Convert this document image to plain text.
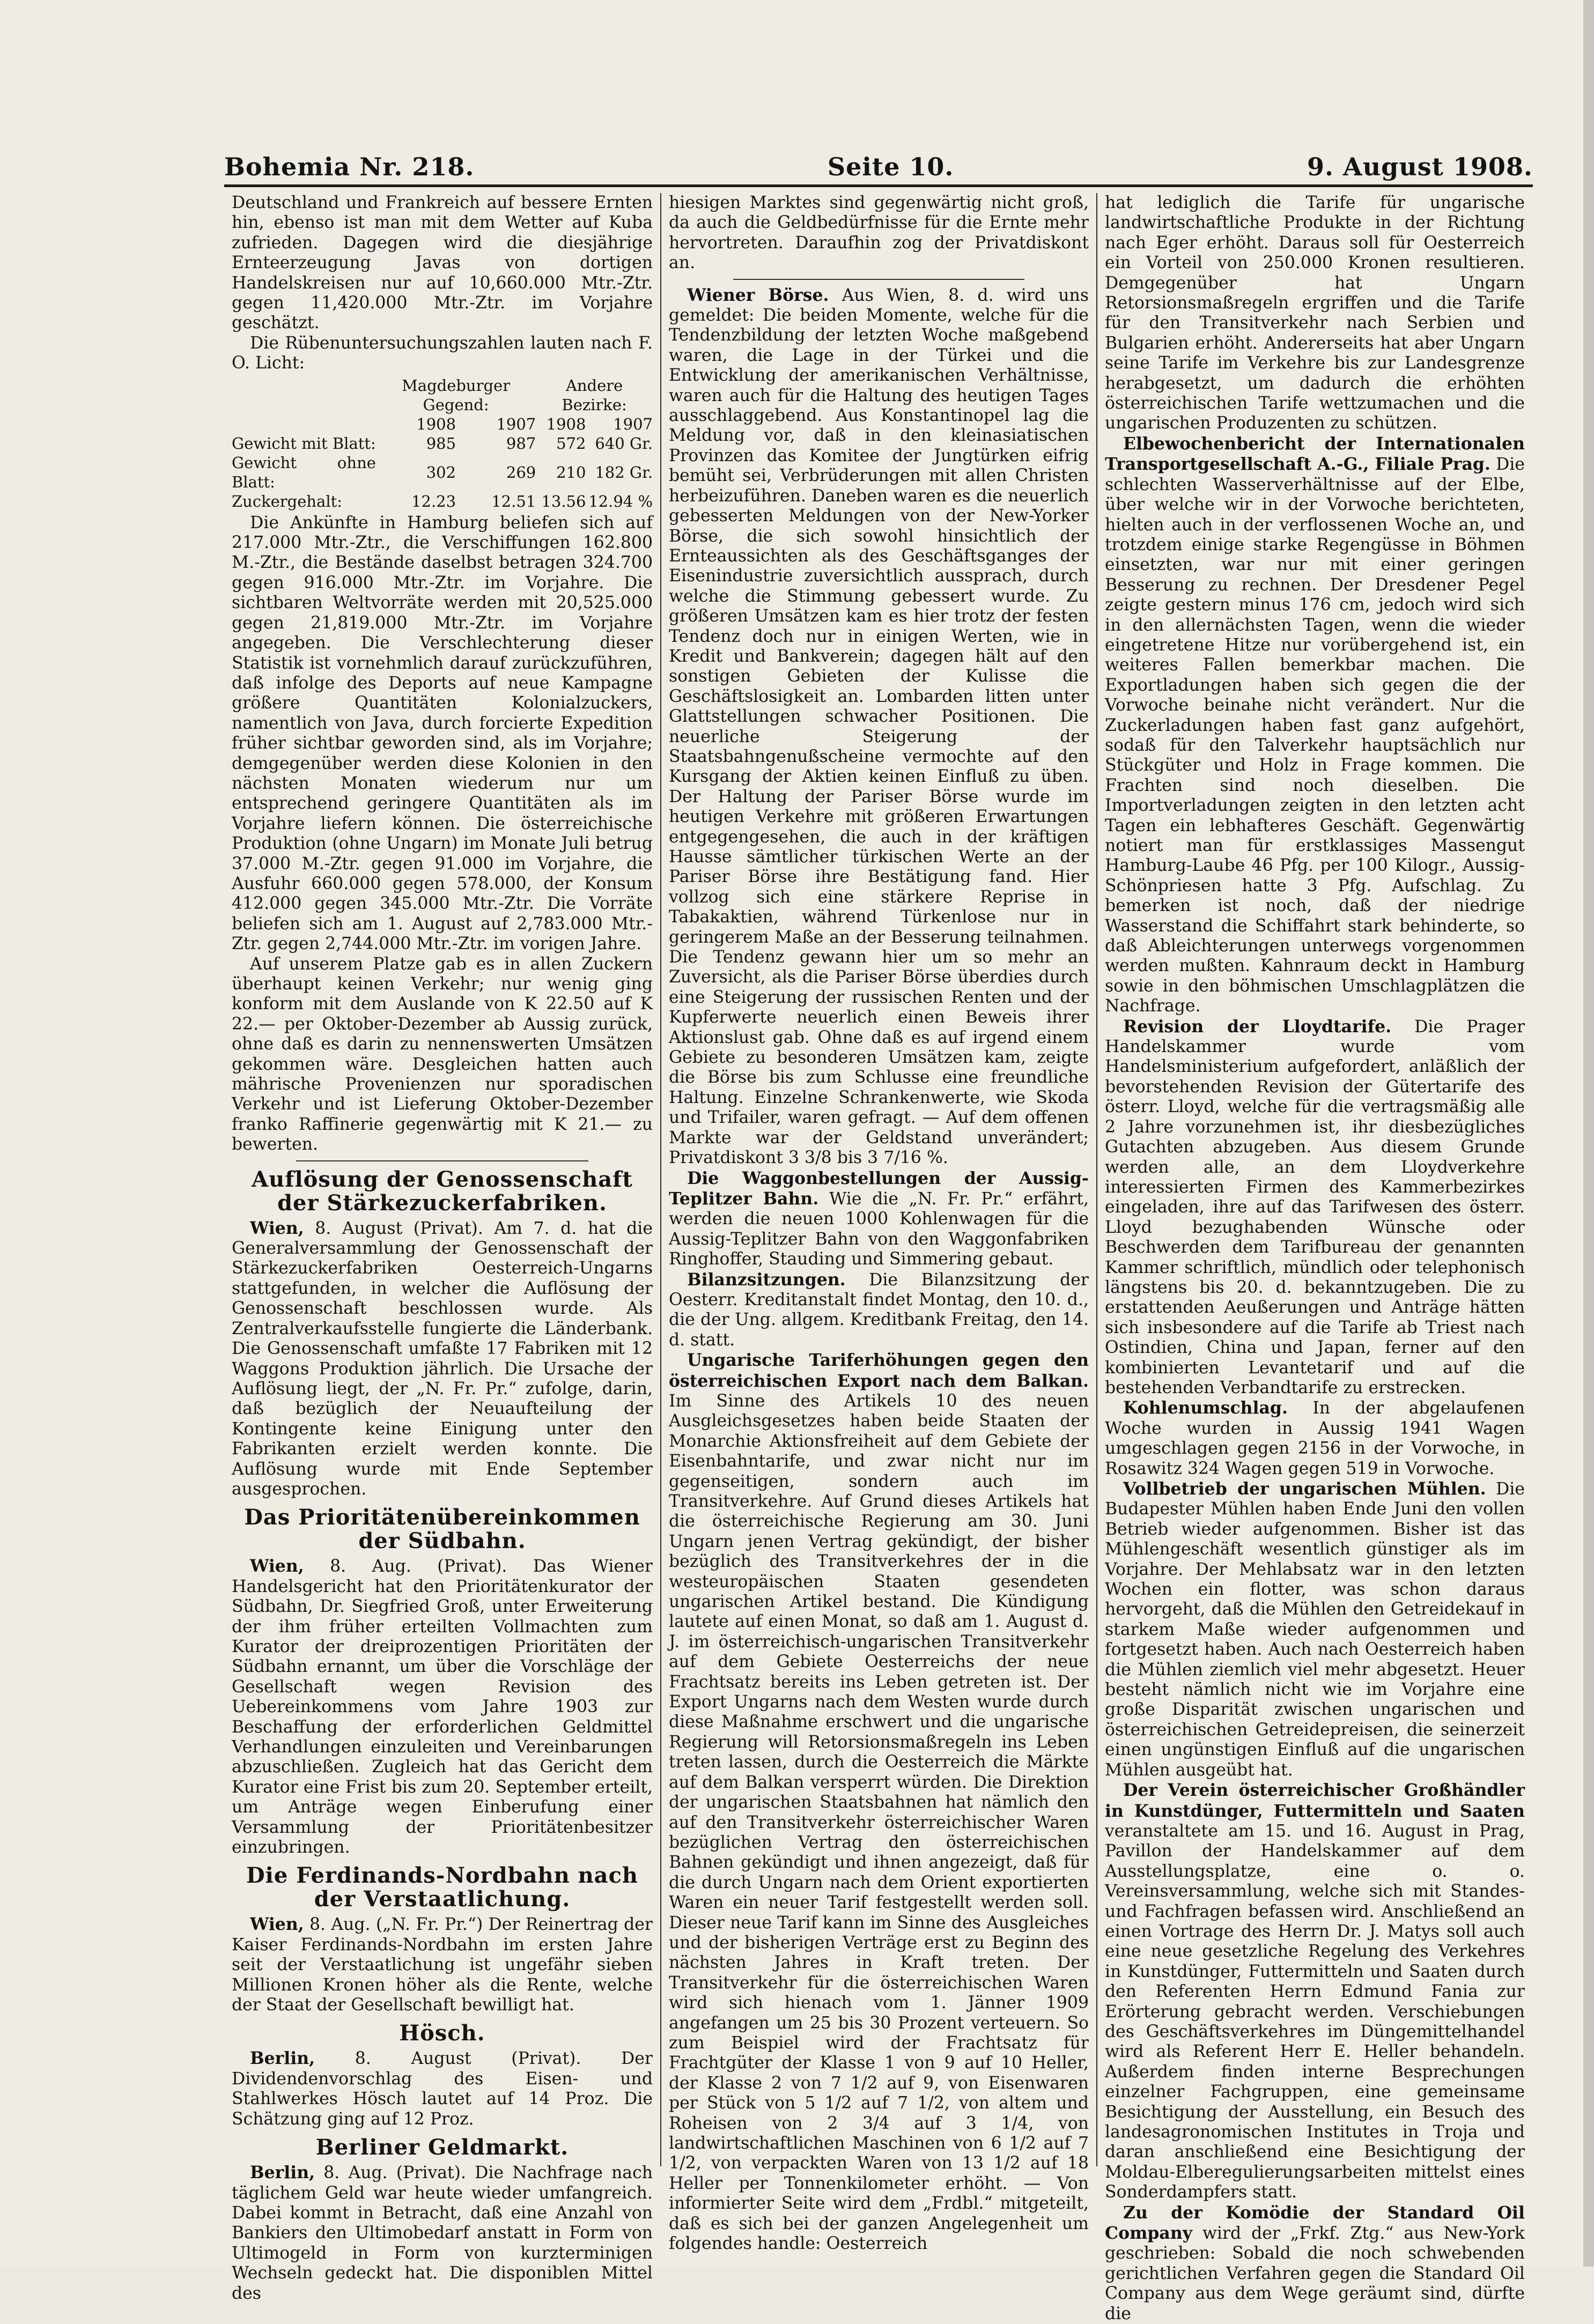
Bohemia Nr. 218.	Seite 10.	9. August 1908.

Deutschland und Frankreich auf bessere Ernten hin, ebenso ist man mit dem Wetter auf Kuba zufrieden. Dagegen wird die diesjährige Ernteerzeugung Javas von dortigen Handelskreisen nur auf 10,660.000 Mtr.-Ztr. gegen 11,420.000 Mtr.-Ztr. im Vorjahre geschätzt.

Die Rübenuntersuchungszahlen lauten nach F. O. Licht:

	Magdeburger Gegend:		Andere Bezirke:	
	1908	1907	1908	1907
Gewicht mit Blatt:	985	987	572	640 Gr.
Gewicht ohne Blatt:	302	269	210	182 Gr.
Zuckergehalt:	12.23	12.51	13.56	12.94 %

Die Ankünfte in Hamburg beliefen sich auf 217.000 Mtr.-Ztr., die Verschiffungen 162.800 M.-Ztr., die Bestände daselbst betragen 324.700 gegen 916.000 Mtr.-Ztr. im Vorjahre. Die sichtbaren Weltvorräte werden mit 20,525.000 gegen 21,819.000 Mtr.-Ztr. im Vorjahre angegeben. Die Verschlechterung dieser Statistik ist vornehmlich darauf zurückzuführen, daß infolge des Deports auf neue Kampagne größere Quantitäten Kolonialzuckers, namentlich von Java, durch forcierte Expedition früher sichtbar geworden sind, als im Vorjahre; demgegenüber werden diese Kolonien in den nächsten Monaten wiederum nur um entsprechend geringere Quantitäten als im Vorjahre liefern können. Die österreichische Produktion (ohne Ungarn) im Monate Juli betrug 37.000 M.-Ztr. gegen 91.000 im Vorjahre, die Ausfuhr 660.000 gegen 578.000, der Konsum 412.000 gegen 345.000 Mtr.-Ztr. Die Vorräte beliefen sich am 1. August auf 2,783.000 Mtr.-Ztr. gegen 2,744.000 Mtr.-Ztr. im vorigen Jahre.

Auf unserem Platze gab es in allen Zuckern überhaupt keinen Verkehr; nur wenig ging konform mit dem Auslande von K 22.50 auf K 22.— per Oktober-Dezember ab Aussig zurück, ohne daß es darin zu nennenswerten Umsätzen gekommen wäre. Desgleichen hatten auch mährische Provenienzen nur sporadischen Verkehr und ist Lieferung Oktober-Dezember franko Raffinerie gegenwärtig mit K 21.— zu bewerten.

Auflösung der Genossenschaft der Stärkezuckerfabriken.

Wien, 8. August (Privat). Am 7. d. hat die Generalversammlung der Genossenschaft der Stärkezuckerfabriken Oesterreich-Ungarns stattgefunden, in welcher die Auflösung der Genossenschaft beschlossen wurde. Als Zentralverkaufsstelle fungierte die Länderbank. Die Genossenschaft umfaßte 17 Fabriken mit 12 Waggons Produktion jährlich. Die Ursache der Auflösung liegt, der „N. Fr. Pr.“ zufolge, darin, daß bezüglich der Neuaufteilung der Kontingente keine Einigung unter den Fabrikanten erzielt werden konnte. Die Auflösung wurde mit Ende September ausgesprochen.

Das Prioritätenübereinkommen der Südbahn.

Wien, 8. Aug. (Privat). Das Wiener Handelsgericht hat den Prioritätenkurator der Südbahn, Dr. Siegfried Groß, unter Erweiterung der ihm früher erteilten Vollmachten zum Kurator der dreiprozentigen Prioritäten der Südbahn ernannt, um über die Vorschläge der Gesellschaft wegen Revision des Uebereinkommens vom Jahre 1903 zur Beschaffung der erforderlichen Geldmittel Verhandlungen einzuleiten und Vereinbarungen abzuschließen. Zugleich hat das Gericht dem Kurator eine Frist bis zum 20. September erteilt, um Anträge wegen Einberufung einer Versammlung der Prioritätenbesitzer einzubringen.

Die Ferdinands-Nordbahn nach der Verstaatlichung.

Wien, 8. Aug. („N. Fr. Pr.“) Der Reinertrag der Kaiser Ferdinands-Nordbahn im ersten Jahre seit der Verstaatlichung ist ungefähr sieben Millionen Kronen höher als die Rente, welche der Staat der Gesellschaft bewilligt hat.

Hösch.

Berlin, 8. August (Privat). Der Dividendenvorschlag des Eisen- und Stahlwerkes Hösch lautet auf 14 Proz. Die Schätzung ging auf 12 Proz.

Berliner Geldmarkt.

Berlin, 8. Aug. (Privat). Die Nachfrage nach täglichem Geld war heute wieder umfangreich. Dabei kommt in Betracht, daß eine Anzahl von Bankiers den Ultimobedarf anstatt in Form von Ultimogeld in Form von kurzterminigen Wechseln gedeckt hat. Die disponiblen Mittel des

hiesigen Marktes sind gegenwärtig nicht groß, da auch die Geldbedürfnisse für die Ernte mehr hervortreten. Daraufhin zog der Privatdiskont an.

Wiener Börse. Aus Wien, 8. d. wird uns gemeldet: Die beiden Momente, welche für die Tendenzbildung der letzten Woche maßgebend waren, die Lage in der Türkei und die Entwicklung der amerikanischen Verhältnisse, waren auch für die Haltung des heutigen Tages ausschlaggebend. Aus Konstantinopel lag die Meldung vor, daß in den kleinasiatischen Provinzen das Komitee der Jungtürken eifrig bemüht sei, Verbrüderungen mit allen Christen herbeizuführen. Daneben waren es die neuerlich gebesserten Meldungen von der New-Yorker Börse, die sich sowohl hinsichtlich der Ernteaussichten als des Geschäftsganges der Eisenindustrie zuversichtlich aussprach, durch welche die Stimmung gebessert wurde. Zu größeren Umsätzen kam es hier trotz der festen Tendenz doch nur in einigen Werten, wie in Kredit und Bankverein; dagegen hält auf den sonstigen Gebieten der Kulisse die Geschäftslosigkeit an. Lombarden litten unter Glattstellungen schwacher Positionen. Die neuerliche Steigerung der Staatsbahngenußscheine vermochte auf den Kursgang der Aktien keinen Einfluß zu üben. Der Haltung der Pariser Börse wurde im heutigen Verkehre mit größeren Erwartungen entgegengesehen, die auch in der kräftigen Hausse sämtlicher türkischen Werte an der Pariser Börse ihre Bestätigung fand. Hier vollzog sich eine stärkere Reprise in Tabakaktien, während Türkenlose nur in geringerem Maße an der Besserung teilnahmen. Die Tendenz gewann hier um so mehr an Zuversicht, als die Pariser Börse überdies durch eine Steigerung der russischen Renten und der Kupferwerte neuerlich einen Beweis ihrer Aktionslust gab. Ohne daß es auf irgend einem Gebiete zu besonderen Umsätzen kam, zeigte die Börse bis zum Schlusse eine freundliche Haltung. Einzelne Schrankenwerte, wie Skoda und Trifailer, waren gefragt. — Auf dem offenen Markte war der Geldstand unverändert; Privatdiskont 3 3/8 bis 3 7/16 %.

Die Waggonbestellungen der Aussig-Teplitzer Bahn. Wie die „N. Fr. Pr.“ erfährt, werden die neuen 1000 Kohlenwagen für die Aussig-Teplitzer Bahn von den Waggonfabriken Ringhoffer, Stauding und Simmering gebaut.

Bilanzsitzungen. Die Bilanzsitzung der Oesterr. Kreditanstalt findet Montag, den 10. d., die der Ung. allgem. Kreditbank Freitag, den 14. d. statt.

Ungarische Tariferhöhungen gegen den österreichischen Export nach dem Balkan. Im Sinne des Artikels 10 des neuen Ausgleichsgesetzes haben beide Staaten der Monarchie Aktionsfreiheit auf dem Gebiete der Eisenbahntarife, und zwar nicht nur im gegenseitigen, sondern auch im Transitverkehre. Auf Grund dieses Artikels hat die österreichische Regierung am 30. Juni Ungarn jenen Vertrag gekündigt, der bisher bezüglich des Transitverkehres der in die westeuropäischen Staaten gesendeten ungarischen Artikel bestand. Die Kündigung lautete auf einen Monat, so daß am 1. August d. J. im österreichisch-ungarischen Transitverkehr auf dem Gebiete Oesterreichs der neue Frachtsatz bereits ins Leben getreten ist. Der Export Ungarns nach dem Westen wurde durch diese Maßnahme erschwert und die ungarische Regierung will Retorsionsmaßregeln ins Leben treten lassen, durch die Oesterreich die Märkte auf dem Balkan versperrt würden. Die Direktion der ungarischen Staatsbahnen hat nämlich den auf den Transitverkehr österreichischer Waren bezüglichen Vertrag den österreichischen Bahnen gekündigt und ihnen angezeigt, daß für die durch Ungarn nach dem Orient exportierten Waren ein neuer Tarif festgestellt werden soll. Dieser neue Tarif kann im Sinne des Ausgleiches und der bisherigen Verträge erst zu Beginn des nächsten Jahres in Kraft treten. Der Transitverkehr für die österreichischen Waren wird sich hienach vom 1. Jänner 1909 angefangen um 25 bis 30 Prozent verteuern. So zum Beispiel wird der Frachtsatz für Frachtgüter der Klasse 1 von 9 auf 10 Heller, der Klasse 2 von 7 1/2 auf 9, von Eisenwaren per Stück von 5 1/2 auf 7 1/2, von altem und Roheisen von 2 3/4 auf 3 1/4, von landwirtschaftlichen Maschinen von 6 1/2 auf 7 1/2, von verpackten Waren von 13 1/2 auf 18 Heller per Tonnenkilometer erhöht. — Von informierter Seite wird dem „Frdbl.“ mitgeteilt, daß es sich bei der ganzen Angelegenheit um folgendes handle: Oesterreich

hat lediglich die Tarife für ungarische landwirtschaftliche Produkte in der Richtung nach Eger erhöht. Daraus soll für Oesterreich ein Vorteil von 250.000 Kronen resultieren. Demgegenüber hat Ungarn Retorsionsmaßregeln ergriffen und die Tarife für den Transitverkehr nach Serbien und Bulgarien erhöht. Andererseits hat aber Ungarn seine Tarife im Verkehre bis zur Landesgrenze herabgesetzt, um dadurch die erhöhten österreichischen Tarife wettzumachen und die ungarischen Produzenten zu schützen.

Elbewochenbericht der Internationalen Transportgesellschaft A.-G., Filiale Prag. Die schlechten Wasserverhältnisse auf der Elbe, über welche wir in der Vorwoche berichteten, hielten auch in der verflossenen Woche an, und trotzdem einige starke Regengüsse in Böhmen einsetzten, war nur mit einer geringen Besserung zu rechnen. Der Dresdener Pegel zeigte gestern minus 176 cm, jedoch wird sich in den allernächsten Tagen, wenn die wieder eingetretene Hitze nur vorübergehend ist, ein weiteres Fallen bemerkbar machen. Die Exportladungen haben sich gegen die der Vorwoche beinahe nicht verändert. Nur die Zuckerladungen haben fast ganz aufgehört, sodaß für den Talverkehr hauptsächlich nur Stückgüter und Holz in Frage kommen. Die Frachten sind noch dieselben. Die Importverladungen zeigten in den letzten acht Tagen ein lebhafteres Geschäft. Gegenwärtig notiert man für erstklassiges Massengut Hamburg-Laube 46 Pfg. per 100 Kilogr., Aussig-Schönpriesen hatte 3 Pfg. Aufschlag. Zu bemerken ist noch, daß der niedrige Wasserstand die Schiffahrt stark behinderte, so daß Ableichterungen unterwegs vorgenommen werden mußten. Kahnraum deckt in Hamburg sowie in den böhmischen Umschlagplätzen die Nachfrage.

Revision der Lloydtarife. Die Prager Handelskammer wurde vom Handelsministerium aufgefordert, anläßlich der bevorstehenden Revision der Gütertarife des österr. Lloyd, welche für die vertragsmäßig alle 2 Jahre vorzunehmen ist, ihr diesbezügliches Gutachten abzugeben. Aus diesem Grunde werden alle, an dem Lloydverkehre interessierten Firmen des Kammerbezirkes eingeladen, ihre auf das Tarifwesen des österr. Lloyd bezughabenden Wünsche oder Beschwerden dem Tarifbureau der genannten Kammer schriftlich, mündlich oder telephonisch längstens bis 20. d. bekanntzugeben. Die zu erstattenden Aeußerungen und Anträge hätten sich insbesondere auf die Tarife ab Triest nach Ostindien, China und Japan, ferner auf den kombinierten Levantetarif und auf die bestehenden Verbandtarife zu erstrecken.

Kohlenumschlag. In der abgelaufenen Woche wurden in Aussig 1941 Wagen umgeschlagen gegen 2156 in der Vorwoche, in Rosawitz 324 Wagen gegen 519 in Vorwoche.

Vollbetrieb der ungarischen Mühlen. Die Budapester Mühlen haben Ende Juni den vollen Betrieb wieder aufgenommen. Bisher ist das Mühlengeschäft wesentlich günstiger als im Vorjahre. Der Mehlabsatz war in den letzten Wochen ein flotter, was schon daraus hervorgeht, daß die Mühlen den Getreidekauf in starkem Maße wieder aufgenommen und fortgesetzt haben. Auch nach Oesterreich haben die Mühlen ziemlich viel mehr abgesetzt. Heuer besteht nämlich nicht wie im Vorjahre eine große Disparität zwischen ungarischen und österreichischen Getreidepreisen, die seinerzeit einen ungünstigen Einfluß auf die ungarischen Mühlen ausgeübt hat.

Der Verein österreichischer Großhändler in Kunstdünger, Futtermitteln und Saaten veranstaltete am 15. und 16. August in Prag, Pavillon der Handelskammer auf dem Ausstellungsplatze, eine o. o. Vereinsversammlung, welche sich mit Standes- und Fachfragen befassen wird. Anschließend an einen Vortrage des Herrn Dr. J. Matys soll auch eine neue gesetzliche Regelung des Verkehres in Kunstdünger, Futtermitteln und Saaten durch den Referenten Herrn Edmund Fania zur Erörterung gebracht werden. Verschiebungen des Geschäftsverkehres im Düngemittelhandel wird als Referent Herr E. Heller behandeln. Außerdem finden interne Besprechungen einzelner Fachgruppen, eine gemeinsame Besichtigung der Ausstellung, ein Besuch des landesagronomischen Institutes in Troja und daran anschließend eine Besichtigung der Moldau-Elberegulierungsarbeiten mittelst eines Sonderdampfers statt.

Zu der Komödie der Standard Oil Company wird der „Frkf. Ztg.“ aus New-York geschrieben: Sobald die noch schwebenden gerichtlichen Verfahren gegen die Standard Oil Company aus dem Wege geräumt sind, dürfte die
